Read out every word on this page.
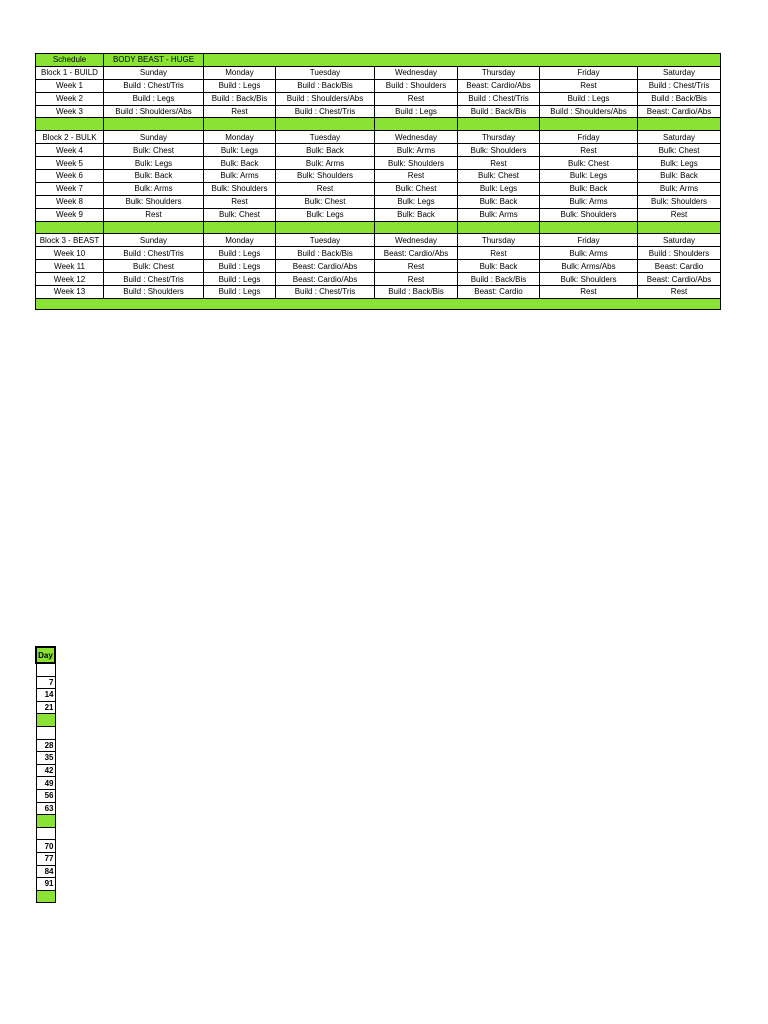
Schedule	BODY BEAST - HUGE						
Block 1 - BUILD	Sunday	Monday	Tuesday	Wednesday	Thursday	Friday	Saturday
Week 1	Build : Chest/Tris	Build : Legs	Build : Back/Bis	Build : Shoulders	Beast: Cardio/Abs	Rest	Build : Chest/Tris
Week 2	Build : Legs	Build : Back/Bis	Build : Shoulders/Abs	Rest	Build : Chest/Tris	Build : Legs	Build : Back/Bis
Week 3	Build : Shoulders/Abs	Rest	Build : Chest/Tris	Build : Legs	Build : Back/Bis	Build : Shoulders/Abs	Beast: Cardio/Abs

Block 2 - BULK	Sunday	Monday	Tuesday	Wednesday	Thursday	Friday	Saturday
Week 4	Bulk: Chest	Bulk: Legs	Bulk: Back	Bulk: Arms	Bulk: Shoulders	Rest	Bulk: Chest
Week 5	Bulk: Legs	Bulk: Back	Bulk: Arms	Bulk: Shoulders	Rest	Bulk: Chest	Bulk: Legs
Week 6	Bulk: Back	Bulk: Arms	Bulk: Shoulders	Rest	Bulk: Chest	Bulk: Legs	Bulk: Back
Week 7	Bulk: Arms	Bulk: Shoulders	Rest	Bulk: Chest	Bulk: Legs	Bulk: Back	Bulk: Arms
Week 8	Bulk: Shoulders	Rest	Bulk: Chest	Bulk: Legs	Bulk: Back	Bulk: Arms	Bulk: Shoulders
Week 9	Rest	Bulk: Chest	Bulk: Legs	Bulk: Back	Bulk: Arms	Bulk: Shoulders	Rest

Block 3 - BEAST	Sunday	Monday	Tuesday	Wednesday	Thursday	Friday	Saturday
Week 10	Build : Chest/Tris	Build : Legs	Build : Back/Bis	Beast: Cardio/Abs	Rest	Bulk: Arms	Build : Shoulders
Week 11	Bulk: Chest	Build : Legs	Beast: Cardio/Abs	Rest	Bulk: Back	Bulk: Arms/Abs	Beast: Cardio
Week 12	Build : Chest/Tris	Build : Legs	Beast: Cardio/Abs	Rest	Build : Back/Bis	Bulk: Shoulders	Beast: Cardio/Abs
Week 13	Build : Shoulders	Build : Legs	Build : Chest/Tris	Build : Back/Bis	Beast: Cardio	Rest	Rest

Day

7
14
21

28
35
42
49
56
63

70
77
84
91
